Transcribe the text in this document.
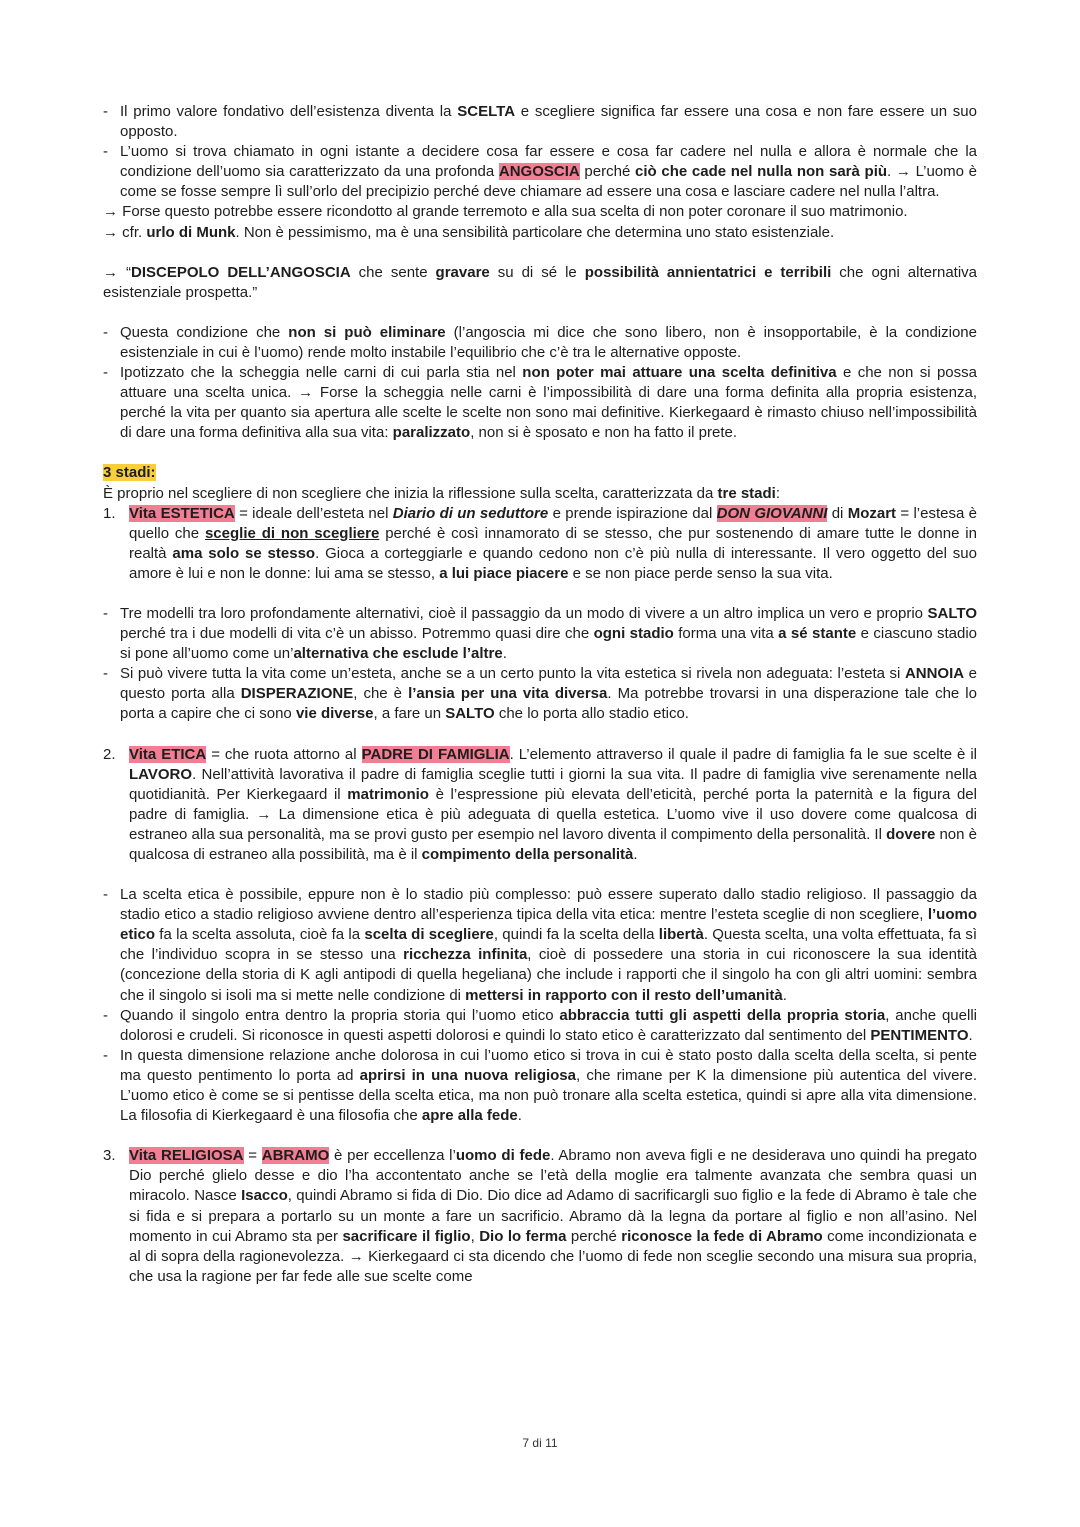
- Il primo valore fondativo dell’esistenza diventa la SCELTA e scegliere significa far essere una cosa e non fare essere un suo opposto.
- L’uomo si trova chiamato in ogni istante a decidere cosa far essere e cosa far cadere nel nulla e allora è normale che la condizione dell’uomo sia caratterizzato da una profonda ANGOSCIA perché ciò che cade nel nulla non sarà più. → L’uomo è come se fosse sempre lì sull’orlo del precipizio perché deve chiamare ad essere una cosa e lasciare cadere nel nulla l’altra.
→ Forse questo potrebbe essere ricondotto al grande terremoto e alla sua scelta di non poter coronare il suo matrimonio.
→ cfr. urlo di Munk. Non è pessimismo, ma è una sensibilità particolare che determina uno stato esistenziale.
→ “DISCEPOLO DELL’ANGOSCIA che sente gravare su di sé le possibilità annientatrici e terribili che ogni alternativa esistenziale prospetta.”
- Questa condizione che non si può eliminare (l’angoscia mi dice che sono libero, non è insopportabile, è la condizione esistenziale in cui è l’uomo) rende molto instabile l’equilibrio che c’è tra le alternative opposte.
- Ipotizzato che la scheggia nelle carni di cui parla stia nel non poter mai attuare una scelta definitiva e che non si possa attuare una scelta unica. → Forse la scheggia nelle carni è l’impossibilità di dare una forma definita alla propria esistenza, perché la vita per quanto sia apertura alle scelte le scelte non sono mai definitive. Kierkegaard è rimasto chiuso nell’impossibilità di dare una forma definitiva alla sua vita: paralizzato, non si è sposato e non ha fatto il prete.
3 stadi:
È proprio nel scegliere di non scegliere che inizia la riflessione sulla scelta, caratterizzata da tre stadi:
1. Vita ESTETICA = ideale dell’esteta nel Diario di un seduttore e prende ispirazione dal DON GIOVANNI di Mozart = l’estesa è quello che sceglie di non scegliere perché è così innamorato di se stesso, che pur sostenendo di amare tutte le donne in realtà ama solo se stesso. Gioca a corteggiarle e quando cedono non c’è più nulla di interessante. Il vero oggetto del suo amore è lui e non le donne: lui ama se stesso, a lui piace piacere e se non piace perde senso la sua vita.
- Tre modelli tra loro profondamente alternativi, cioè il passaggio da un modo di vivere a un altro implica un vero e proprio SALTO perché tra i due modelli di vita c’è un abisso. Potremmo quasi dire che ogni stadio forma una vita a sé stante e ciascuno stadio si pone all’uomo come un’alternativa che esclude l’altre.
- Si può vivere tutta la vita come un’esteta, anche se a un certo punto la vita estetica si rivela non adeguata: l’esteta si ANNOIA e questo porta alla DISPERAZIONE, che è l’ansia per una vita diversa. Ma potrebbe trovarsi in una disperazione tale che lo porta a capire che ci sono vie diverse, a fare un SALTO che lo porta allo stadio etico.
2. Vita ETICA = che ruota attorno al PADRE DI FAMIGLIA. L’elemento attraverso il quale il padre di famiglia fa le sue scelte è il LAVORO. Nell’attività lavorativa il padre di famiglia sceglie tutti i giorni la sua vita. Il padre di famiglia vive serenamente nella quotidianità. Per Kierkegaard il matrimonio è l’espressione più elevata dell’eticità, perché porta la paternità e la figura del padre di famiglia. → La dimensione etica è più adeguata di quella estetica. L’uomo vive il uso dovere come qualcosa di estraneo alla sua personalità, ma se provi gusto per esempio nel lavoro diventa il compimento della personalità. Il dovere non è qualcosa di estraneo alla possibilità, ma è il compimento della personalità.
- La scelta etica è possibile, eppure non è lo stadio più complesso: può essere superato dallo stadio religioso. Il passaggio da stadio etico a stadio religioso avviene dentro all’esperienza tipica della vita etica: mentre l’esteta sceglie di non scegliere, l’uomo etico fa la scelta assoluta, cioè fa la scelta di scegliere, quindi fa la scelta della libertà. Questa scelta, una volta effettuata, fa sì che l’individuo scopra in se stesso una ricchezza infinita, cioè di possedere una storia in cui riconoscere la sua identità (concezione della storia di K agli antipodi di quella hegeliana) che include i rapporti che il singolo ha con gli altri uomini: sembra che il singolo si isoli ma si mette nelle condizione di mettersi in rapporto con il resto dell’umanità.
- Quando il singolo entra dentro la propria storia qui l’uomo etico abbraccia tutti gli aspetti della propria storia, anche quelli dolorosi e crudeli. Si riconosce in questi aspetti dolorosi e quindi lo stato etico è caratterizzato dal sentimento del PENTIMENTO.
- In questa dimensione relazione anche dolorosa in cui l’uomo etico si trova in cui è stato posto dalla scelta della scelta, si pente ma questo pentimento lo porta ad aprirsi in una nuova religiosa, che rimane per K la dimensione più autentica del vivere. L’uomo etico è come se si pentisse della scelta etica, ma non può tronare alla scelta estetica, quindi si apre alla vita dimensione. La filosofia di Kierkegaard è una filosofia che apre alla fede.
3. Vita RELIGIOSA = ABRAMO è per eccellenza l’uomo di fede. Abramo non aveva figli e ne desiderava uno quindi ha pregato Dio perché glielo desse e dio l’ha accontentato anche se l’età della moglie era talmente avanzata che sembra quasi un miracolo. Nasce Isacco, quindi Abramo si fida di Dio. Dio dice ad Adamo di sacrificargli suo figlio e la fede di Abramo è tale che si fida e si prepara a portarlo su un monte a fare un sacrificio. Abramo dà la legna da portare al figlio e non all’asino. Nel momento in cui Abramo sta per sacrificare il figlio, Dio lo ferma perché riconosce la fede di Abramo come incondizionata e al di sopra della ragionevolezza. → Kierkegaard ci sta dicendo che l’uomo di fede non sceglie secondo una misura sua propria, che usa la ragione per far fede alle sue scelte come
7 di 11
